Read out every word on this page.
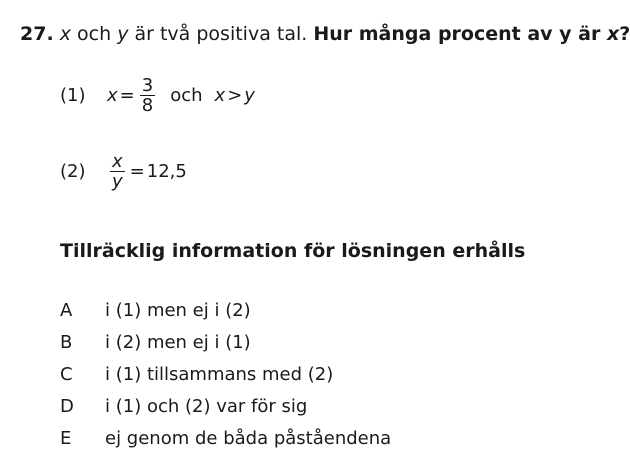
27. x och y är två positiva tal. Hur många procent av y är x?
(1)	$x = \frac{3}{8}$ och x > y
(2)	$\frac{x}{y} = 12,5$
Tillräcklig information för lösningen erhålls
A	i (1) men ej i (2)
B	i (2) men ej i (1)
C	i (1) tillsammans med (2)
D	i (1) och (2) var för sig
E	ej genom de båda påståendena
